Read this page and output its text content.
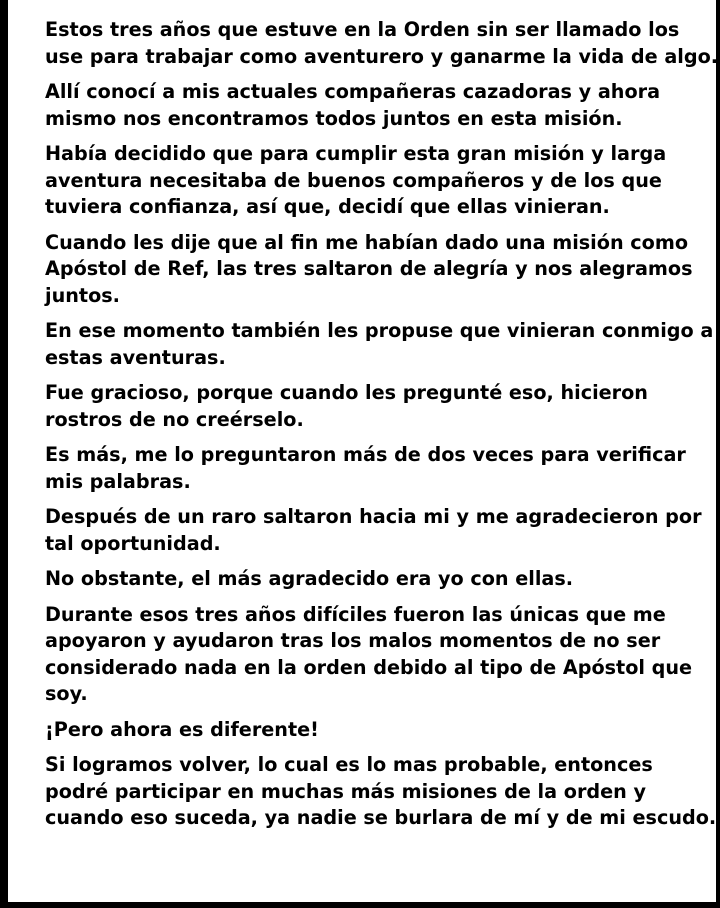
Estos tres años que estuve en la Orden sin ser llamado los
use para trabajar como aventurero y ganarme la vida de algo.

Allí conocí a mis actuales compañeras cazadoras y ahora
mismo nos encontramos todos juntos en esta misión.

Había decidido que para cumplir esta gran misión y larga
aventura necesitaba de buenos compañeros y de los que
tuviera confianza, así que, decidí que ellas vinieran.

Cuando les dije que al fin me habían dado una misión como
Apóstol de Ref, las tres saltaron de alegría y nos alegramos
juntos.

En ese momento también les propuse que vinieran conmigo a
estas aventuras.

Fue gracioso, porque cuando les pregunté eso, hicieron
rostros de no creérselo.

Es más, me lo preguntaron más de dos veces para verificar
mis palabras.

Después de un raro saltaron hacia mi y me agradecieron por
tal oportunidad.

No obstante, el más agradecido era yo con ellas.

Durante esos tres años difíciles fueron las únicas que me
apoyaron y ayudaron tras los malos momentos de no ser
considerado nada en la orden debido al tipo de Apóstol que
soy.

¡Pero ahora es diferente!

Si logramos volver, lo cual es lo mas probable, entonces
podré participar en muchas más misiones de la orden y
cuando eso suceda, ya nadie se burlara de mí y de mi escudo.
